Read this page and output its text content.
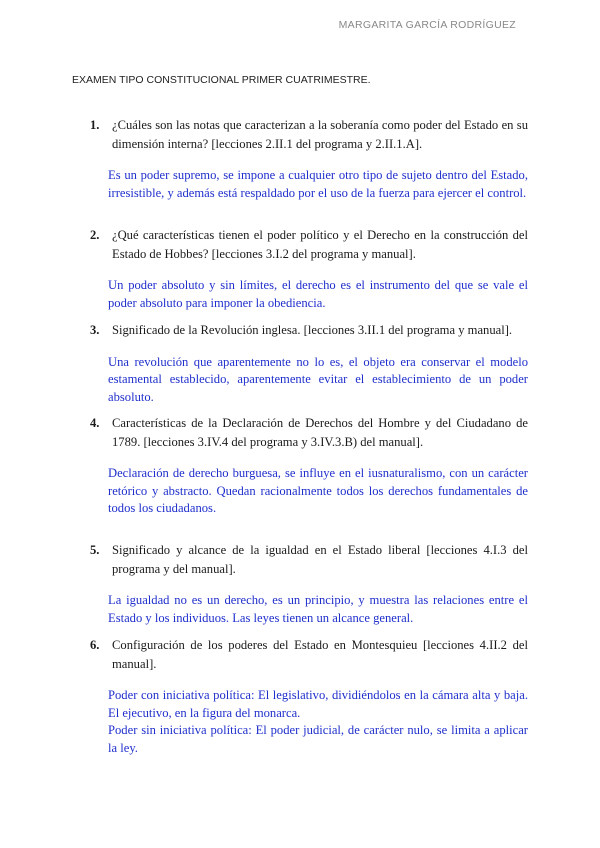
MARGARITA GARCÍA RODRÍGUEZ
EXAMEN TIPO CONSTITUCIONAL PRIMER CUATRIMESTRE.
1. ¿Cuáles son las notas que caracterizan a la soberanía como poder del Estado en su dimensión interna? [lecciones 2.II.1 del programa y 2.II.1.A].

Es un poder supremo, se impone a cualquier otro tipo de sujeto dentro del Estado, irresistible, y además está respaldado por el uso de la fuerza para ejercer el control.

2. ¿Qué características tienen el poder político y el Derecho en la construcción del Estado de Hobbes? [lecciones 3.I.2 del programa y manual].

Un poder absoluto y sin límites, el derecho es el instrumento del que se vale el poder absoluto para imponer la obediencia.

3. Significado de la Revolución inglesa. [lecciones 3.II.1 del programa y manual].

Una revolución que aparentemente no lo es, el objeto era conservar el modelo estamental establecido, aparentemente evitar el establecimiento de un poder absoluto.

4. Características de la Declaración de Derechos del Hombre y del Ciudadano de 1789. [lecciones 3.IV.4 del programa y 3.IV.3.B) del manual].

Declaración de derecho burguesa, se influye en el iusnaturalismo, con un carácter retórico y abstracto. Quedan racionalmente todos los derechos fundamentales de todos los ciudadanos.

5. Significado y alcance de la igualdad en el Estado liberal [lecciones 4.I.3 del programa y del manual].

La igualdad no es un derecho, es un principio, y muestra las relaciones entre el Estado y los individuos. Las leyes tienen un alcance general.

6. Configuración de los poderes del Estado en Montesquieu [lecciones 4.II.2 del manual].

Poder con iniciativa política: El legislativo, dividiéndolos en la cámara alta y baja. El ejecutivo, en la figura del monarca.

Poder sin iniciativa política: El poder judicial, de carácter nulo, se limita a aplicar la ley.
